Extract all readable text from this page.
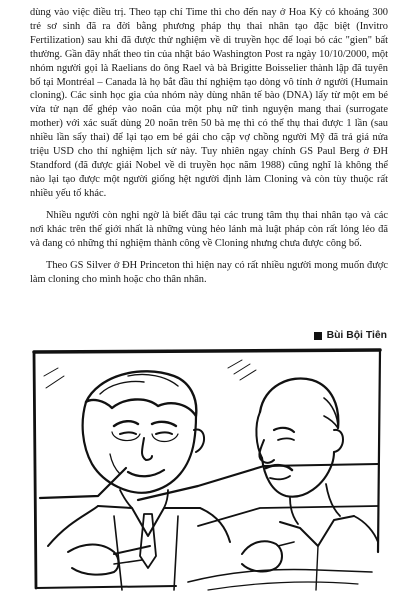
dùng vào việc điều trị. Theo tạp chí Time thì cho đến nay ở Hoa Kỳ có khoảng 300 trẻ sơ sinh đã ra đời bằng phương pháp thụ thai nhân tạo đặc biệt (Invitro Fertilization) sau khi đã được thử nghiệm về di truyền học để loại bỏ các "gien" bất thường. Gần đây nhất theo tin của nhật báo Washington Post ra ngày 10/10/2000, một nhóm người gọi là Raelians do ông Rael và bà Brigitte Boisselier thành lập đã tuyên bố tại Montréal – Canada là họ bắt đầu thí nghiệm tạo dòng vô tính ở người (Humain cloning). Các sinh học gia của nhóm này dùng nhân tế bào (DNA) lấy từ một em bé vừa tử nạn để ghép vào noãn của một phụ nữ tình nguyện mang thai (surrogate mother) với xác suất dùng 20 noãn trên 50 bà mẹ thì có thể thụ thai được 1 lần (sau nhiều lần sẩy thai) để lại tạo em bé gái cho cặp vợ chồng người Mỹ đã trả giá nửa triệu USD cho thí nghiệm lịch sử này. Tuy nhiên ngay chính GS Paul Berg ở ĐH Standford (đã được giải Nobel về di truyền học năm 1988) cũng nghĩ là không thể nào lại tạo được một người giống hệt người định làm Cloning và còn tùy thuộc rất nhiều yếu tố khác.

Nhiều người còn nghi ngờ là biết đâu tại các trung tâm thụ thai nhân tạo và các nơi khác trên thế giới nhất là những vùng hẻo lánh mà luật pháp còn rất lỏng lẻo đã và đang có những thí nghiệm thành công về Cloning nhưng chưa được công bố.

Theo GS Silver ở ĐH Princeton thì hiện nay có rất nhiều người mong muốn được làm cloning cho mình hoặc cho thân nhân.

Bùi Bội Tiên
